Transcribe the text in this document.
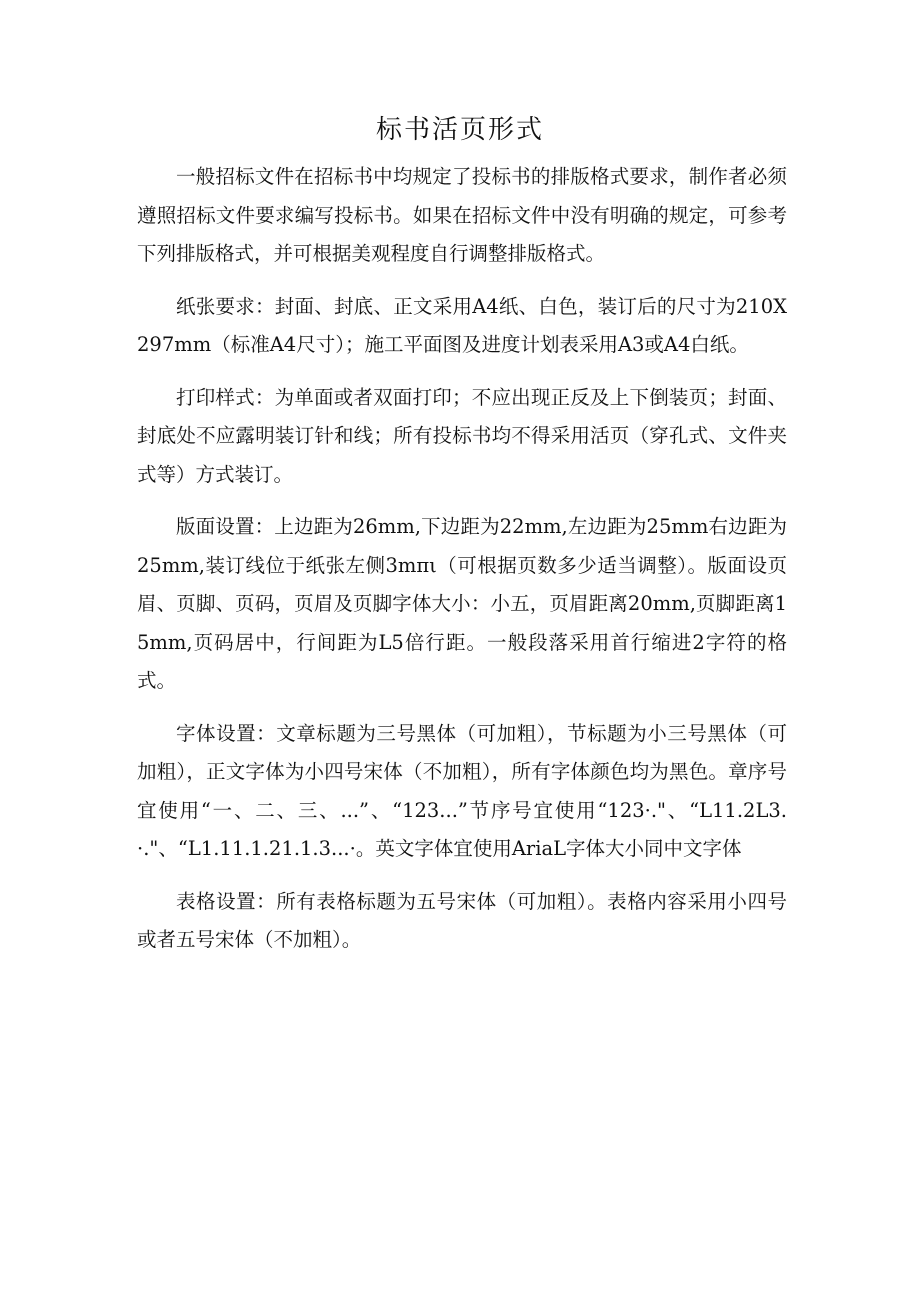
标书活页形式

一般招标文件在招标书中均规定了投标书的排版格式要求，制作者必须遵照招标文件要求编写投标书。如果在招标文件中没有明确的规定，可参考下列排版格式，并可根据美观程度自行调整排版格式。

纸张要求：封面、封底、正文采用A4纸、白色，装订后的尺寸为210X297mm（标准A4尺寸）；施工平面图及进度计划表采用A3或A4白纸。

打印样式：为单面或者双面打印；不应出现正反及上下倒装页；封面、封底处不应露明装订针和线；所有投标书均不得采用活页（穿孔式、文件夹式等）方式装订。

版面设置：上边距为26mm,下边距为22mm,左边距为25mm右边距为25mm,装订线位于纸张左侧3mπι（可根据页数多少适当调整）。版面设页眉、页脚、页码，页眉及页脚字体大小：小五，页眉距离20mm,页脚距离15mm,页码居中，行间距为L5倍行距。一般段落采用首行缩进2字符的格式。

字体设置：文章标题为三号黑体（可加粗），节标题为小三号黑体（可加粗），正文字体为小四号宋体（不加粗），所有字体颜色均为黑色。章序号宜使用“一、二、三、...”、“123...”节序号宜使用“123·."、“L11.2L3.·."、“L1.11.1.21.1.3...·。英文字体宜使用AriaL字体大小同中文字体

表格设置：所有表格标题为五号宋体（可加粗）。表格内容采用小四号或者五号宋体（不加粗）。
